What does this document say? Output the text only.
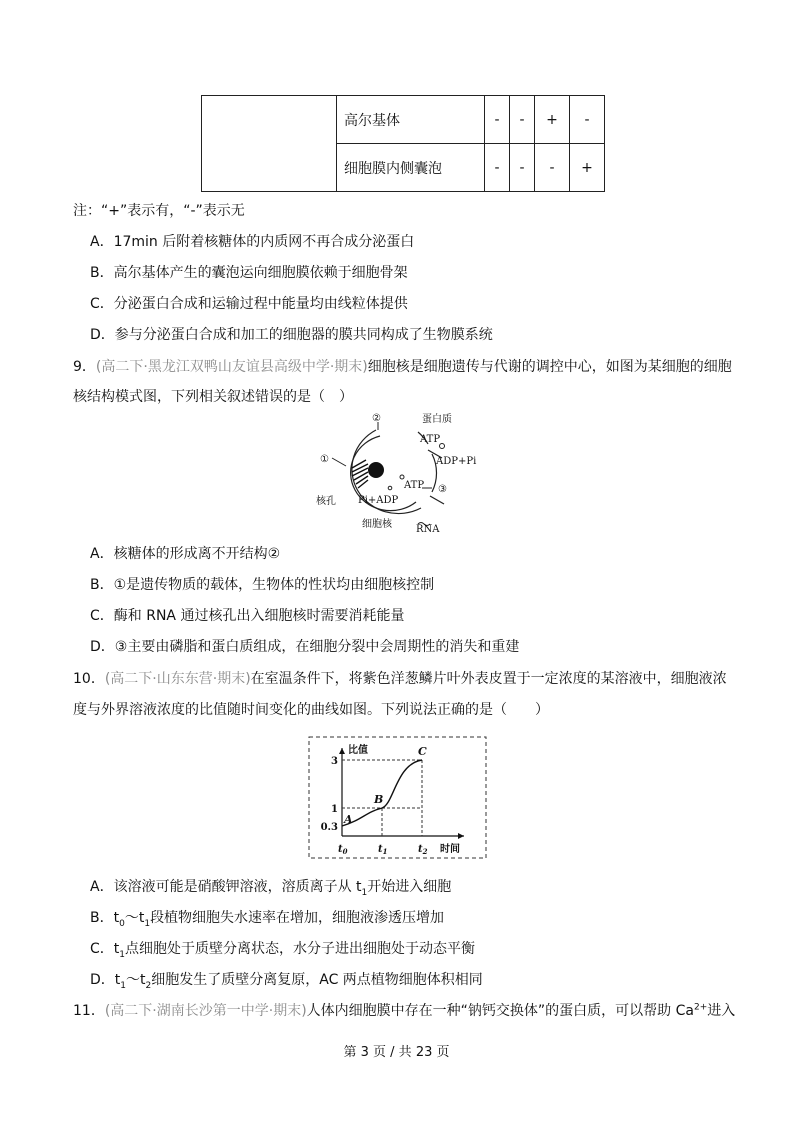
	高尔基体	-	-	+	-
	细胞膜内侧囊泡	-	-	-	+
注：“+”表示有，“-”表示无
A．17min 后附着核糖体的内质网不再合成分泌蛋白
B．高尔基体产生的囊泡运向细胞膜依赖于细胞骨架
C．分泌蛋白合成和运输过程中能量均由线粒体提供
D．参与分泌蛋白合成和加工的细胞器的膜共同构成了生物膜系统
9．(高二下·黑龙江双鸭山友谊县高级中学·期末)细胞核是细胞遗传与代谢的调控中心，如图为某细胞的细胞
核结构模式图，下列相关叙述错误的是（　）
②
①
③
蛋白质
ATP
ADP+Pi
ATP
Pi+ADP
核孔
细胞核 RNA
A．核糖体的形成离不开结构②
B．①是遗传物质的载体，生物体的性状均由细胞核控制
C．酶和 RNA 通过核孔出入细胞核时需要消耗能量
D．③主要由磷脂和蛋白质组成，在细胞分裂中会周期性的消失和重建
10．(高二下·山东东营·期末)在室温条件下，将紫色洋葱鳞片叶外表皮置于一定浓度的某溶液中，细胞液浓
度与外界溶液浓度的比值随时间变化的曲线如图。下列说法正确的是（　　）
比值
时间
3
1
0.3
$t_0$	$t_1$	$t_2$
A
B
C
A．该溶液可能是硝酸钾溶液，溶质离子从 $t_1$开始进入细胞
B．$t_0\sim t_1$段植物细胞失水速率在增加，细胞液渗透压增加
C．$t_1$点细胞处于质壁分离状态，水分子进出细胞处于动态平衡
D．$t_1\sim t_2$细胞发生了质壁分离复原，AC 两点植物细胞体积相同
11．(高二下·湖南长沙第一中学·期末)人体内细胞膜中存在一种“钠钙交换体”的蛋白质，可以帮助 $Ca^{2+}$进入
第 3 页 / 共 23 页
